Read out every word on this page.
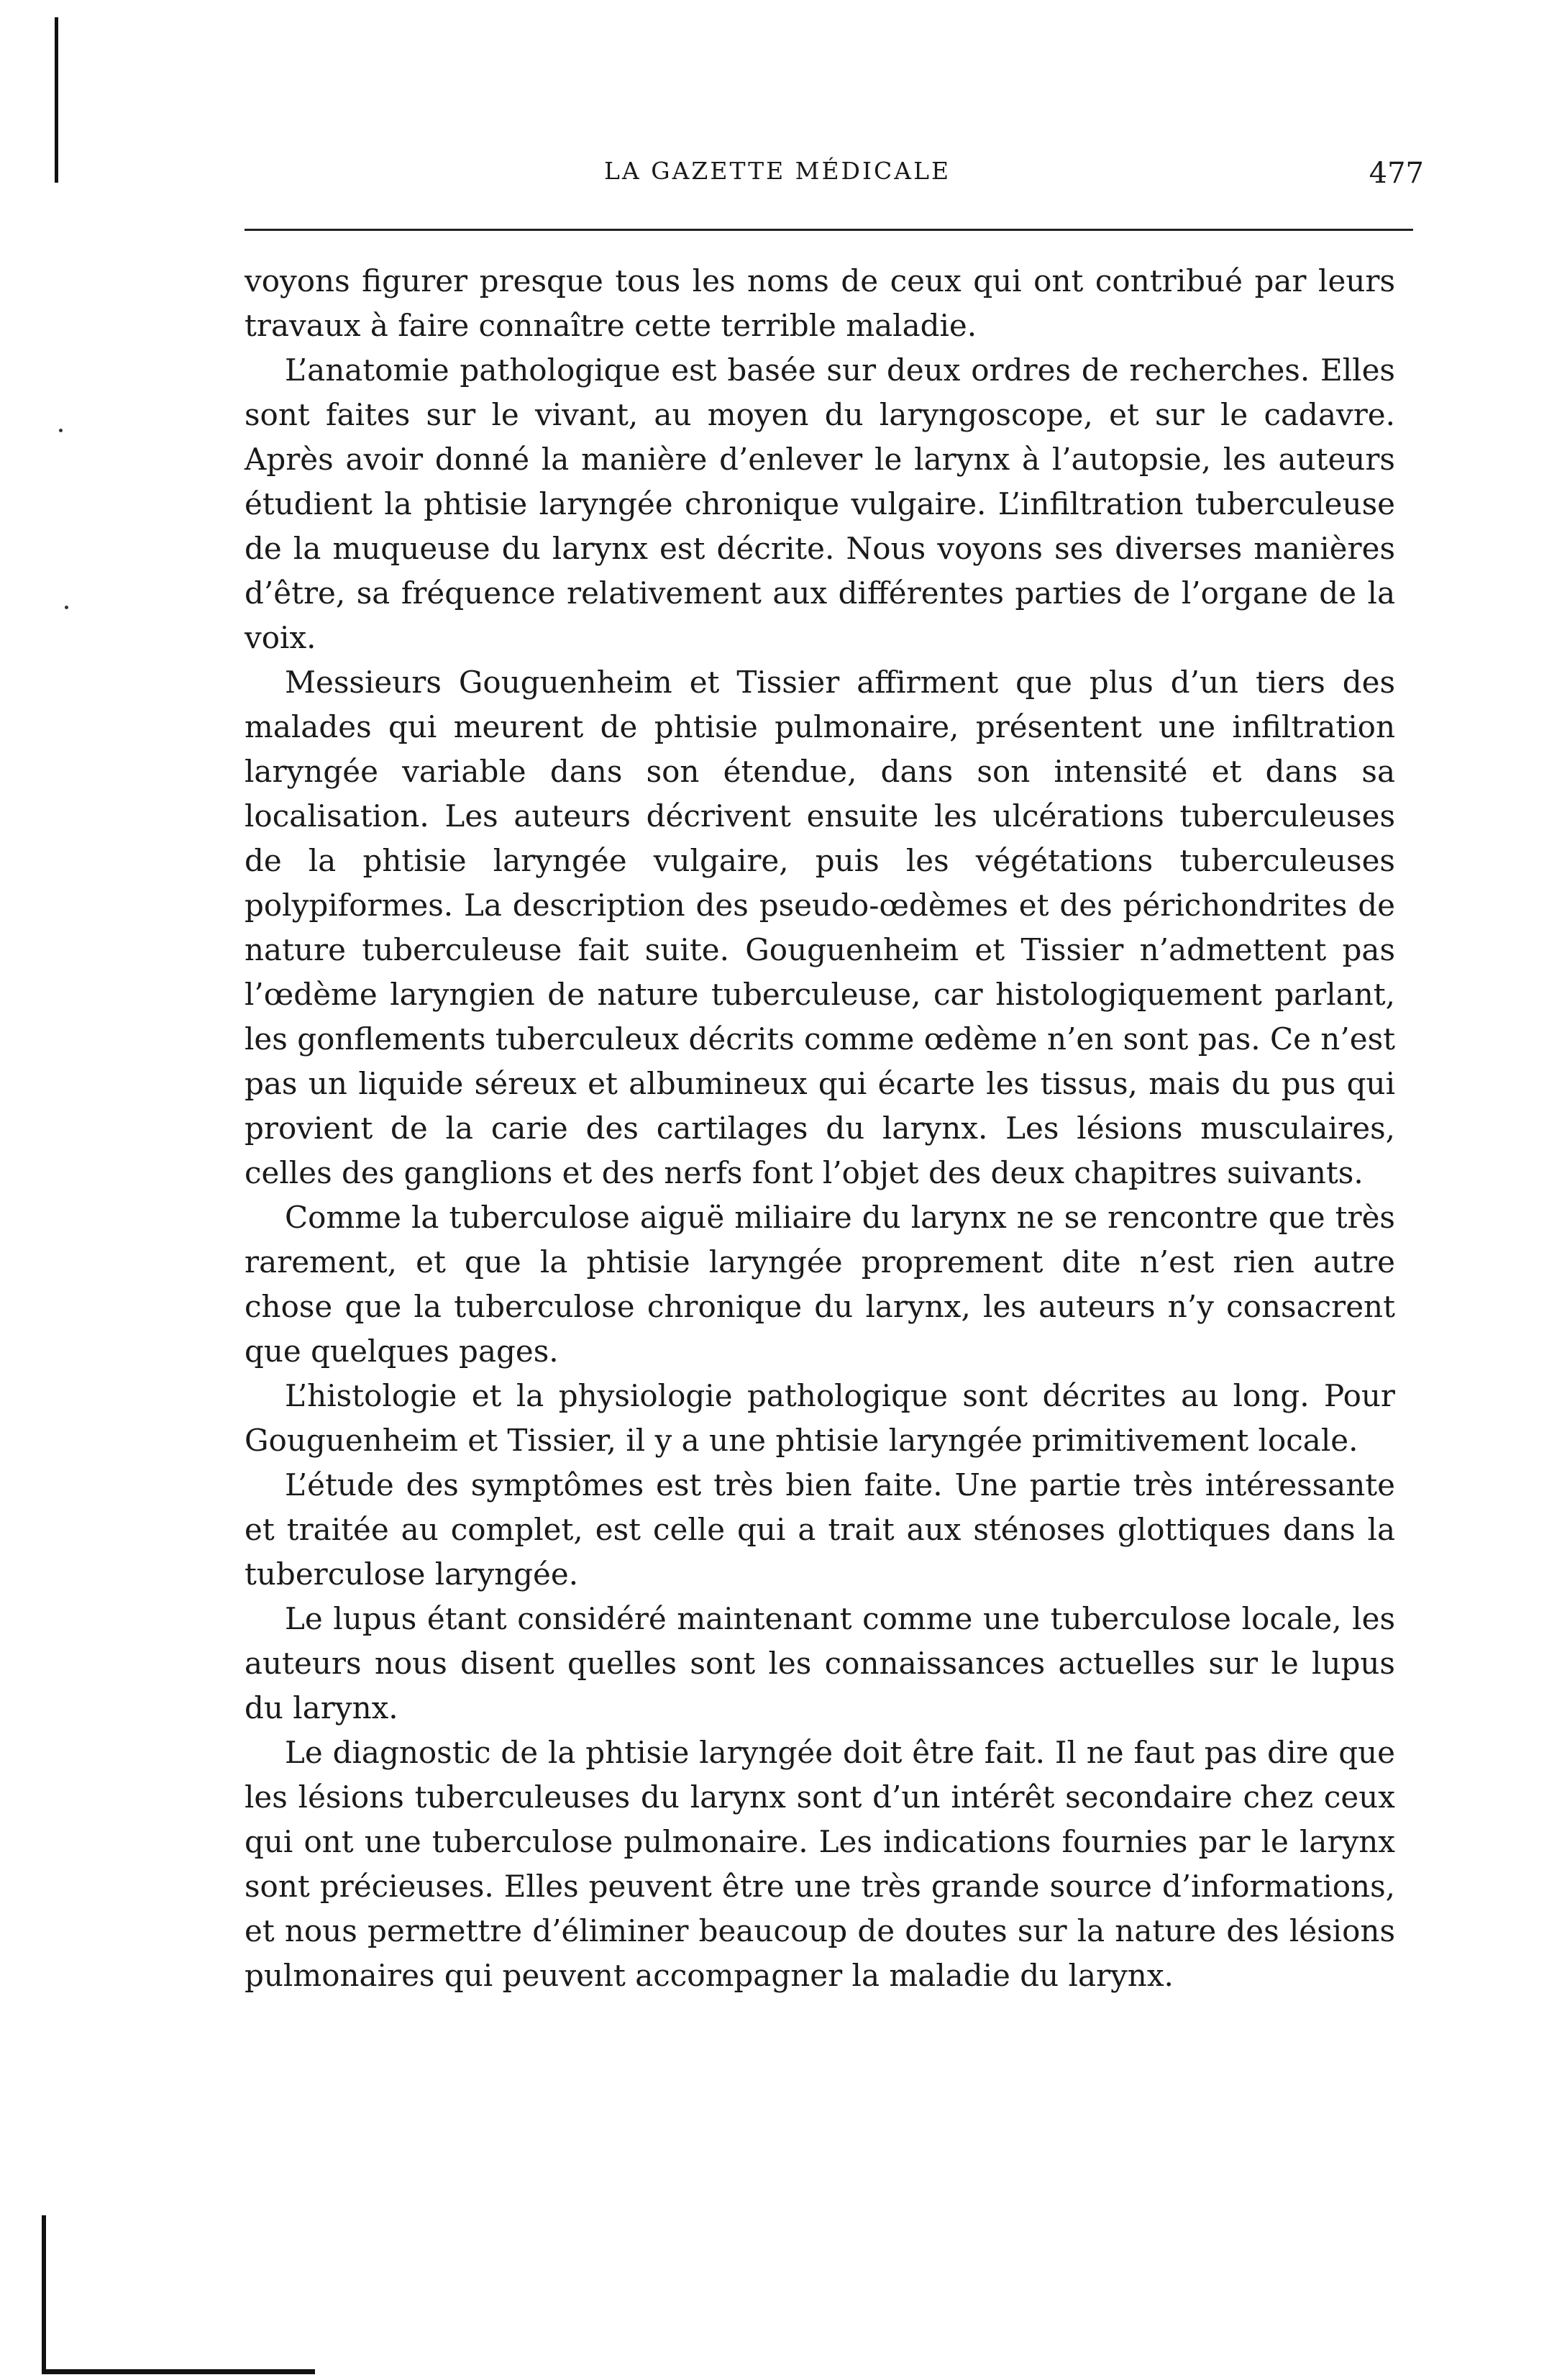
LA GAZETTE MÉDICALE	477

voyons figurer presque tous les noms de ceux qui ont contribué par leurs travaux à faire connaître cette terrible maladie.

L’anatomie pathologique est basée sur deux ordres de recherches. Elles sont faites sur le vivant, au moyen du laryngoscope, et sur le cadavre. Après avoir donné la manière d’enlever le larynx à l’autopsie, les auteurs étudient la phtisie laryngée chronique vulgaire. L’infiltration tuberculeuse de la muqueuse du larynx est décrite. Nous voyons ses diverses manières d’être, sa fréquence relativement aux différentes parties de l’organe de la voix.

Messieurs Gouguenheim et Tissier affirment que plus d’un tiers des malades qui meurent de phtisie pulmonaire, présentent une infiltration laryngée variable dans son étendue, dans son intensité et dans sa localisation. Les auteurs décrivent ensuite les ulcérations tuberculeuses de la phtisie laryngée vulgaire, puis les végétations tuberculeuses polypiformes. La description des pseudo-œdèmes et des périchondrites de nature tuberculeuse fait suite. Gouguenheim et Tissier n’admettent pas l’œdème laryngien de nature tuberculeuse, car histologiquement parlant, les gonflements tuberculeux décrits comme œdème n’en sont pas. Ce n’est pas un liquide séreux et albumineux qui écarte les tissus, mais du pus qui provient de la carie des cartilages du larynx. Les lésions musculaires, celles des ganglions et des nerfs font l’objet des deux chapitres suivants.

Comme la tuberculose aiguë miliaire du larynx ne se rencontre que très rarement, et que la phtisie laryngée proprement dite n’est rien autre chose que la tuberculose chronique du larynx, les auteurs n’y consacrent que quelques pages.

L’histologie et la physiologie pathologique sont décrites au long. Pour Gouguenheim et Tissier, il y a une phtisie laryngée primitivement locale.

L’étude des symptômes est très bien faite. Une partie très intéressante et traitée au complet, est celle qui a trait aux sténoses glottiques dans la tuberculose laryngée.

Le lupus étant considéré maintenant comme une tuberculose locale, les auteurs nous disent quelles sont les connaissances actuelles sur le lupus du larynx.

Le diagnostic de la phtisie laryngée doit être fait. Il ne faut pas dire que les lésions tuberculeuses du larynx sont d’un intérêt secondaire chez ceux qui ont une tuberculose pulmonaire. Les indications fournies par le larynx sont précieuses. Elles peuvent être une très grande source d’informations, et nous permettre d’éliminer beaucoup de doutes sur la nature des lésions pulmonaires qui peuvent accompagner la maladie du larynx.
